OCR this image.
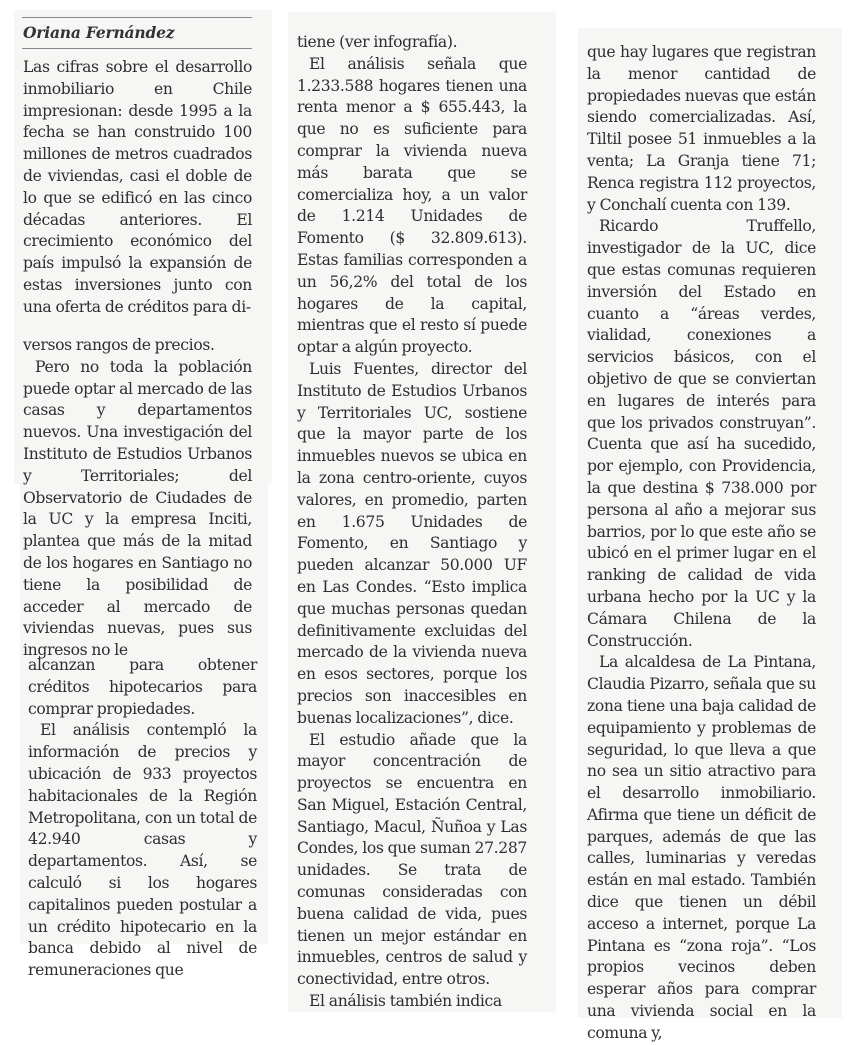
Oriana Fernández

Las cifras sobre el desarrollo inmobiliario en Chile impresionan: desde 1995 a la fecha se han construido 100 millones de metros cuadrados de viviendas, casi el doble de lo que se edificó en las cinco décadas anteriores. El crecimiento económico del país impulsó la expansión de estas inversiones junto con una oferta de créditos para di-

versos rangos de precios.

Pero no toda la población puede optar al mercado de las casas y departamentos nuevos. Una investigación del Instituto de Estudios Urbanos y Territoriales; del Observatorio de Ciudades de la UC y la empresa Inciti, plantea que más de la mitad de los hogares en Santiago no tiene la posibilidad de acceder al mercado de viviendas nuevas, pues sus ingresos no le

alcanzan para obtener créditos hipotecarios para comprar propiedades.

El análisis contempló la información de precios y ubicación de 933 proyectos habitacionales de la Región Metropolitana, con un total de 42.940 casas y departamentos. Así, se calculó si los hogares capitalinos pueden postular a un crédito hipotecario en la banca debido al nivel de remuneraciones que

tiene (ver infografía).

El análisis señala que 1.233.588 hogares tienen una renta menor a $ 655.443, la que no es suficiente para comprar la vivienda nueva más barata que se comercializa hoy, a un valor de 1.214 Unidades de Fomento ($ 32.809.613). Estas familias corresponden a un 56,2% del total de los hogares de la capital, mientras que el resto sí puede optar a algún proyecto.

Luis Fuentes, director del Instituto de Estudios Urbanos y Territoriales UC, sostiene que la mayor parte de los inmuebles nuevos se ubica en la zona centro-oriente, cuyos valores, en promedio, parten en 1.675 Unidades de Fomento, en Santiago y pueden alcanzar 50.000 UF en Las Condes. “Esto implica que muchas personas quedan definitivamente excluidas del mercado de la vivienda nueva en esos sectores, porque los precios son inaccesibles en buenas localizaciones”, dice.

El estudio añade que la mayor concentración de proyectos se encuentra en San Miguel, Estación Central, Santiago, Macul, Ñuñoa y Las Condes, los que suman 27.287 unidades. Se trata de comunas consideradas con buena calidad de vida, pues tienen un mejor estándar en inmuebles, centros de salud y conectividad, entre otros.

El análisis también indica

que hay lugares que registran la menor cantidad de propiedades nuevas que están siendo comercializadas. Así, Tiltil posee 51 inmuebles a la venta; La Granja tiene 71; Renca registra 112 proyectos, y Conchalí cuenta con 139.

Ricardo Truffello, investigador de la UC, dice que estas comunas requieren inversión del Estado en cuanto a “áreas verdes, vialidad, conexiones a servicios básicos, con el objetivo de que se conviertan en lugares de interés para que los privados construyan”. Cuenta que así ha sucedido, por ejemplo, con Providencia, la que destina $ 738.000 por persona al año a mejorar sus barrios, por lo que este año se ubicó en el primer lugar en el ranking de calidad de vida urbana hecho por la UC y la Cámara Chilena de la Construcción.

La alcaldesa de La Pintana, Claudia Pizarro, señala que su zona tiene una baja calidad de equipamiento y problemas de seguridad, lo que lleva a que no sea un sitio atractivo para el desarrollo inmobiliario. Afirma que tiene un déficit de parques, además de que las calles, luminarias y veredas están en mal estado. También dice que tienen un débil acceso a internet, porque La Pintana es “zona roja”. “Los propios vecinos deben esperar años para comprar una vivienda social en la comuna y,
